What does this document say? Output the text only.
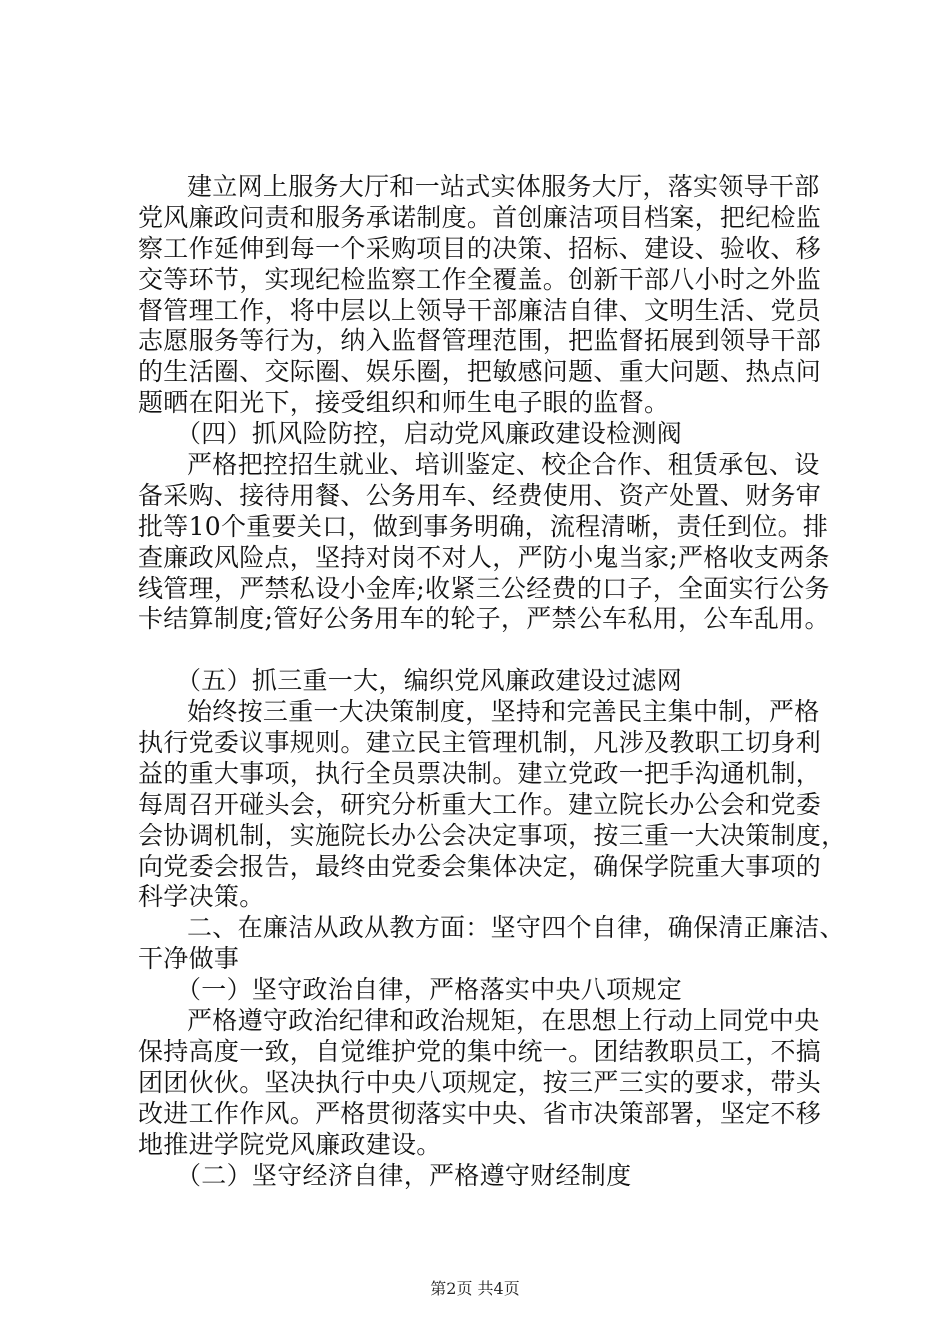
建立网上服务大厅和一站式实体服务大厅，落实领导干部
党风廉政问责和服务承诺制度。首创廉洁项目档案，把纪检监
察工作延伸到每一个采购项目的决策、招标、建设、验收、移
交等环节，实现纪检监察工作全覆盖。创新干部八小时之外监
督管理工作，将中层以上领导干部廉洁自律、文明生活、党员
志愿服务等行为，纳入监督管理范围，把监督拓展到领导干部
的生活圈、交际圈、娱乐圈，把敏感问题、重大问题、热点问
题晒在阳光下，接受组织和师生电子眼的监督。
（四）抓风险防控，启动党风廉政建设检测阀
严格把控招生就业、培训鉴定、校企合作、租赁承包、设
备采购、接待用餐、公务用车、经费使用、资产处置、财务审
批等10个重要关口，做到事务明确，流程清晰，责任到位。排
查廉政风险点，坚持对岗不对人，严防小鬼当家;严格收支两条
线管理，严禁私设小金库;收紧三公经费的口子，全面实行公务
卡结算制度;管好公务用车的轮子，严禁公车私用，公车乱用。
（五）抓三重一大，编织党风廉政建设过滤网
始终按三重一大决策制度，坚持和完善民主集中制，严格
执行党委议事规则。建立民主管理机制，凡涉及教职工切身利
益的重大事项，执行全员票决制。建立党政一把手沟通机制，
每周召开碰头会，研究分析重大工作。建立院长办公会和党委
会协调机制，实施院长办公会决定事项，按三重一大决策制度，
向党委会报告，最终由党委会集体决定，确保学院重大事项的
科学决策。
二、在廉洁从政从教方面：坚守四个自律，确保清正廉洁、
干净做事
（一）坚守政治自律，严格落实中央八项规定
严格遵守政治纪律和政治规矩，在思想上行动上同党中央
保持高度一致，自觉维护党的集中统一。团结教职员工，不搞
团团伙伙。坚决执行中央八项规定，按三严三实的要求，带头
改进工作作风。严格贯彻落实中央、省市决策部署，坚定不移
地推进学院党风廉政建设。
（二）坚守经济自律，严格遵守财经制度
第2页 共4页
